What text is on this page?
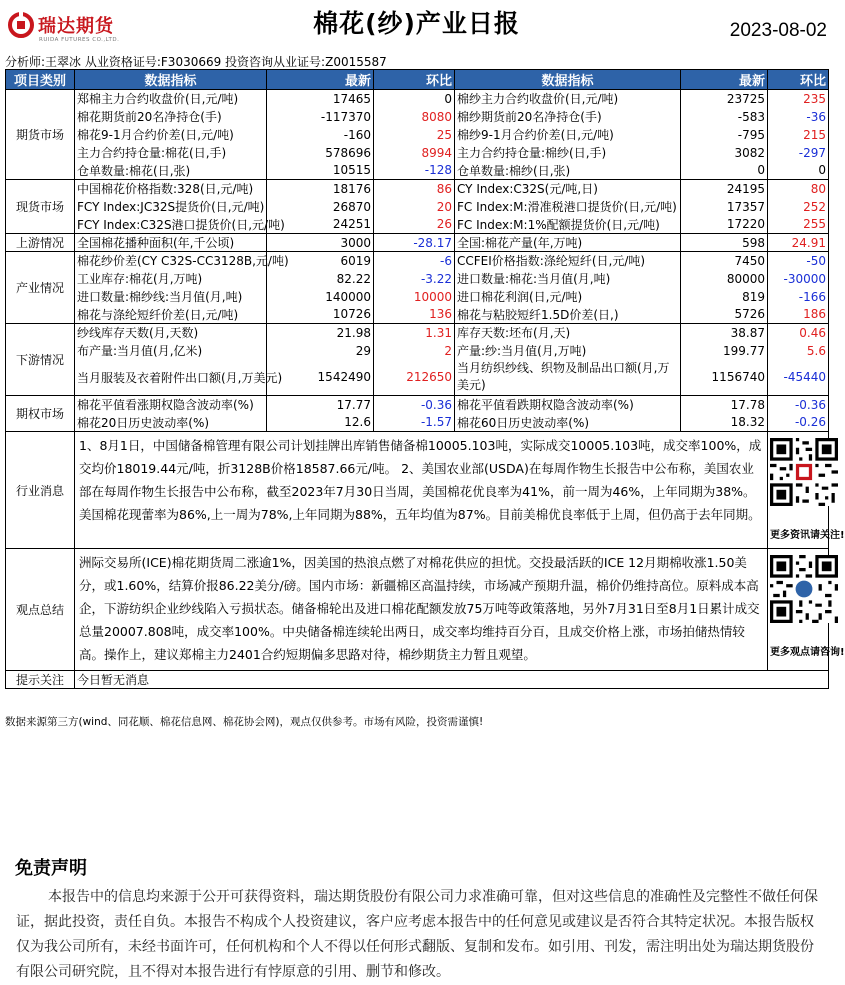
瑞达期货
RUIDA FUTURES CO.,LTD.
棉花(纱)产业日报	2023-08-02
分析师:王翠冰 从业资格证号:F3030669 投资咨询从业证号:Z0015587
项目类别	数据指标	最新	环比	数据指标	最新	环比
期货市场	郑棉主力合约收盘价(日,元/吨)	17465	0	棉纱主力合约收盘价(日,元/吨)	23725	235
	棉花期货前20名净持仓(手)	-117370	8080	棉纱期货前20名净持仓(手)	-583	-36
	棉花9-1月合约价差(日,元/吨)	-160	25	棉纱9-1月合约价差(日,元/吨)	-795	215
	主力合约持仓量:棉花(日,手)	578696	8994	主力合约持仓量:棉纱(日,手)	3082	-297
	仓单数量:棉花(日,张)	10515	-128	仓单数量:棉纱(日,张)	0	0
现货市场	中国棉花价格指数:328(日,元/吨)	18176	86	CY Index:C32S(元/吨,日)	24195	80
	FCY Index:JC32S提货价(日,元/吨)	26870	20	FC Index:M:滑准税港口提货价(日,元/吨)	17357	252
	FCY Index:C32S港口提货价(日,元/吨)	24251	26	FC Index:M:1%配额提货价(日,元/吨)	17220	255
上游情况	全国棉花播种面积(年,千公顷)	3000	-28.17	全国:棉花产量(年,万吨)	598	24.91
产业情况	棉花纱价差(CY C32S-CC3128B,元/吨)	6019	-6	CCFEI价格指数:涤纶短纤(日,元/吨)	7450	-50
	工业库存:棉花(月,万吨)	82.22	-3.22	进口数量:棉花:当月值(月,吨)	80000	-30000
	进口数量:棉纱线:当月值(月,吨)	140000	10000	进口棉花利润(日,元/吨)	819	-166
	棉花与涤纶短纤价差(日,元/吨)	10726	136	棉花与粘胶短纤1.5D价差(日,)	5726	186
下游情况	纱线库存天数(月,天数)	21.98	1.31	库存天数:坯布(月,天)	38.87	0.46
	布产量:当月值(月,亿米)	29	2	产量:纱:当月值(月,万吨)	199.77	5.6
	当月服装及衣着附件出口额(月,万美元)	1542490	212650	当月纺织纱线、织物及制品出口额(月,万美元)	1156740	-45440
期权市场	棉花平值看涨期权隐含波动率(%)	17.77	-0.36	棉花平值看跌期权隐含波动率(%)	17.78	-0.36
	棉花20日历史波动率(%)	12.6	-1.57	棉花60日历史波动率(%)	18.32	-0.26
行业消息	1、8月1日，中国储备棉管理有限公司计划挂牌出库销售储备棉10005.103吨，实际成交10005.103吨，成交率100%，成交均价18019.44元/吨，折3128B价格18587.66元/吨。 2、美国农业部(USDA)在每周作物生长报告中公布称，美国农业部在每周作物生长报告中公布称，截至2023年7月30日当周，美国棉花优良率为41%，前一周为46%，上年同期为38%。美国棉花现蕾率为86%,上一周为78%,上年同期为88%，五年均值为87%。目前美棉优良率低于上周，但仍高于去年同期。					更多资讯请关注!

观点总结	洲际交易所(ICE)棉花期货周二涨逾1%，因美国的热浪点燃了对棉花供应的担忧。交投最活跃的ICE 12月期棉收涨1.50美分，或1.60%，结算价报86.22美分/磅。国内市场：新疆棉区高温持续，市场减产预期升温，棉价仍维持高位。原料成本高企，下游纺织企业纱线陷入亏损状态。储备棉轮出及进口棉花配额发放75万吨等政策落地，另外7月31日至8月1日累计成交总量20007.808吨，成交率100%。中央储备棉连续轮出两日，成交率均维持百分百，且成交价格上涨，市场拍储热情较高。操作上，建议郑棉主力2401合约短期偏多思路对待，棉纱期货主力暂且观望。					更多观点请咨询!

提示关注	今日暂无消息					
数据来源第三方(wind、同花顺、棉花信息网、棉花协会网)，观点仅供参考。市场有风险，投资需谨慎!
免责声明
本报告中的信息均来源于公开可获得资料，瑞达期货股份有限公司力求准确可靠，但对这些信息的准确性及完整性不做任何保证，据此投资，责任自负。本报告不构成个人投资建议，客户应考虑本报告中的任何意见或建议是否符合其特定状况。本报告版权仅为我公司所有，未经书面许可，任何机构和个人不得以任何形式翻版、复制和发布。如引用、刊发，需注明出处为瑞达期货股份有限公司研究院，且不得对本报告进行有悖原意的引用、删节和修改。
